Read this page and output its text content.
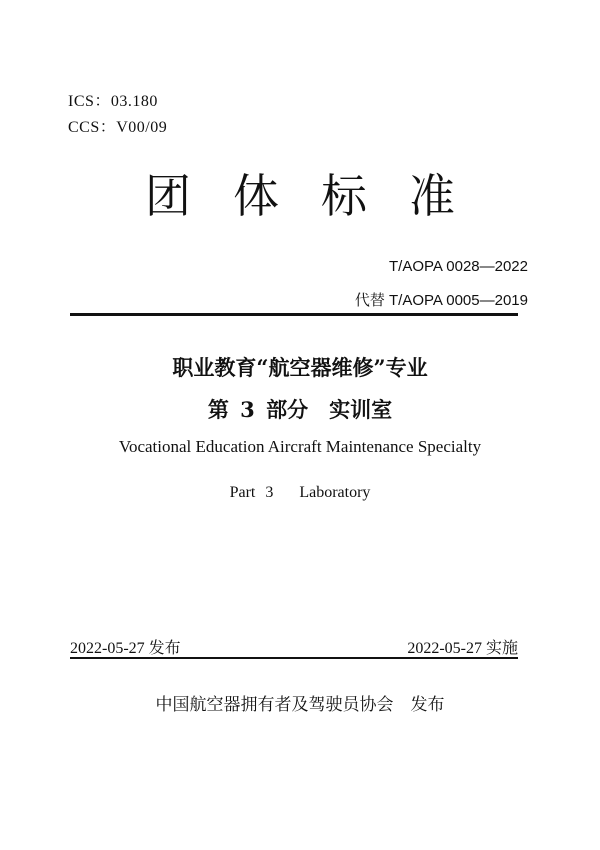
ICS：03.180
CCS：V00/09
团体标准
T/AOPA 0028—2022
代替 T/AOPA 0005—2019
职业教育“航空器维修”专业
第 3 部分　实训室
Vocational Education Aircraft Maintenance Specialty
Part 3 　Laboratory
2022-05-27 发布	2022-05-27 实施
中国航空器拥有者及驾驶员协会　发布
